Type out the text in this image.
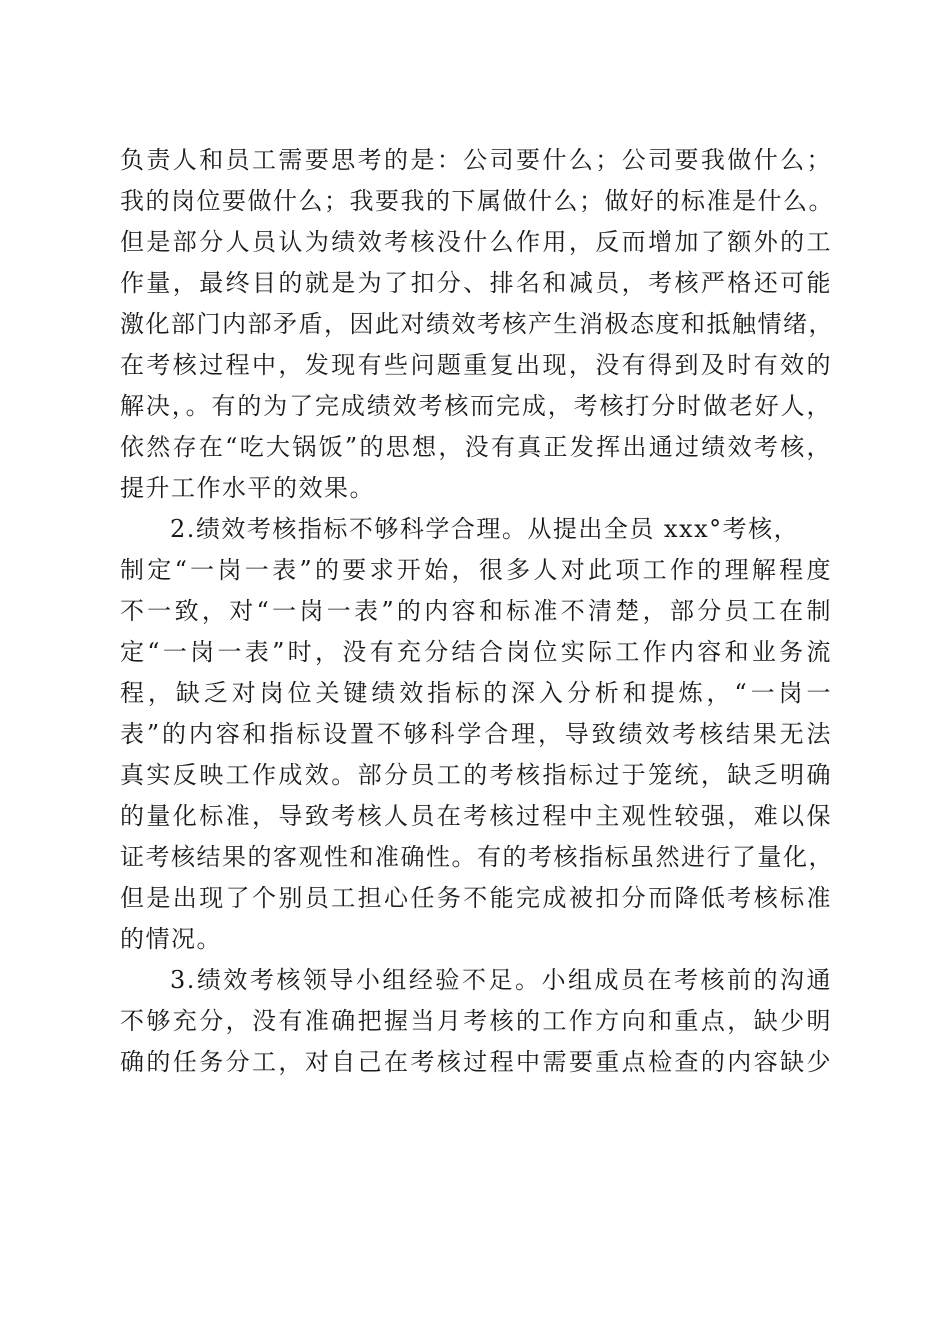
负责人和员工需要思考的是：公司要什么；公司要我做什么；
我的岗位要做什么；我要我的下属做什么；做好的标准是什么。
但是部分人员认为绩效考核没什么作用，反而增加了额外的工
作量，最终目的就是为了扣分、排名和减员，考核严格还可能
激化部门内部矛盾，因此对绩效考核产生消极态度和抵触情绪，
在考核过程中，发现有些问题重复出现，没有得到及时有效的
解决，。有的为了完成绩效考核而完成，考核打分时做老好人，
依然存在“吃大锅饭”的思想，没有真正发挥出通过绩效考核，
提升工作水平的效果。
2.绩效考核指标不够科学合理。从提出全员 xxx°考核，
制定“一岗一表”的要求开始，很多人对此项工作的理解程度
不一致，对“一岗一表”的内容和标准不清楚，部分员工在制
定“一岗一表”时，没有充分结合岗位实际工作内容和业务流
程，缺乏对岗位关键绩效指标的深入分析和提炼，“一岗一
表”的内容和指标设置不够科学合理，导致绩效考核结果无法
真实反映工作成效。部分员工的考核指标过于笼统，缺乏明确
的量化标准，导致考核人员在考核过程中主观性较强，难以保
证考核结果的客观性和准确性。有的考核指标虽然进行了量化，
但是出现了个别员工担心任务不能完成被扣分而降低考核标准
的情况。
3.绩效考核领导小组经验不足。小组成员在考核前的沟通
不够充分，没有准确把握当月考核的工作方向和重点，缺少明
确的任务分工，对自己在考核过程中需要重点检查的内容缺少
